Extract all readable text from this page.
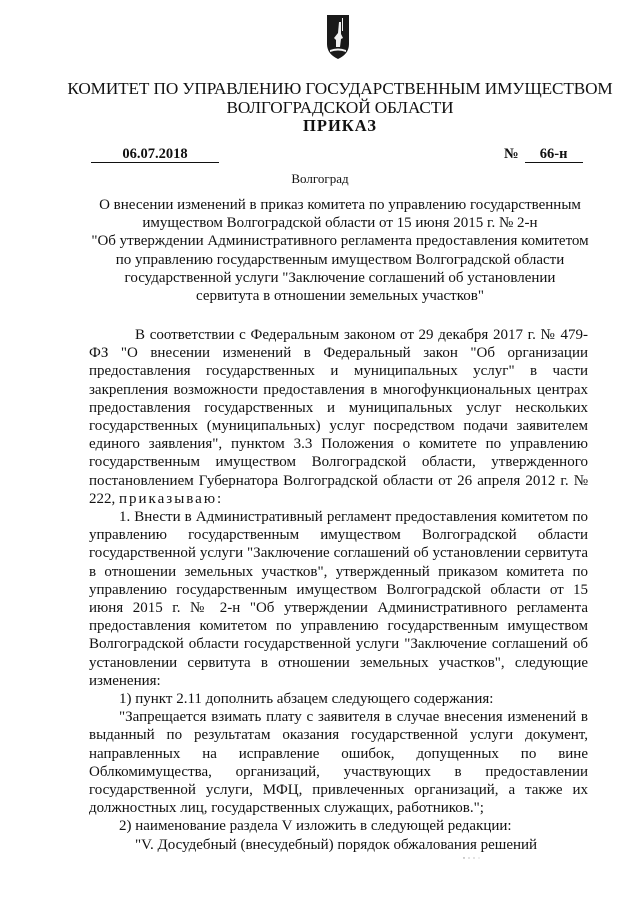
КОМИТЕТ ПО УПРАВЛЕНИЮ ГОСУДАРСТВЕННЫМ ИМУЩЕСТВОМ
ВОЛГОГРАДСКОЙ ОБЛАСТИ
ПРИКАЗ
06.07.2018	№ 66-н
Волгоград
О внесении изменений в приказ комитета по управлению государственным
имуществом Волгоградской области от 15 июня 2015 г. № 2-н
"Об утверждении Административного регламента предоставления комитетом
по управлению государственным имуществом Волгоградской области
государственной услуги "Заключение соглашений об установлении
сервитута в отношении земельных участков"

В соответствии с Федеральным законом от 29 декабря 2017 г. № 479-ФЗ "О внесении изменений в Федеральный закон "Об организации предоставления государственных и муниципальных услуг" в части закрепления возможности предоставления в многофункциональных центрах предоставления государственных и муниципальных услуг нескольких государственных (муниципальных) услуг посредством подачи заявителем единого заявления", пунктом 3.3 Положения о комитете по управлению государственным имуществом Волгоградской области, утвержденного постановлением Губернатора Волгоградской области от 26 апреля 2012 г. № 222, приказываю:

1. Внести в Административный регламент предоставления комитетом по управлению государственным имуществом Волгоградской области государственной услуги "Заключение соглашений об установлении сервитута в отношении земельных участков", утвержденный приказом комитета по управлению государственным имуществом Волгоградской области от 15 июня 2015 г. № 2-н "Об утверждении Административного регламента предоставления комитетом по управлению государственным имуществом Волгоградской области государственной услуги "Заключение соглашений об установлении сервитута в отношении земельных участков", следующие изменения:

1) пункт 2.11 дополнить абзацем следующего содержания:

"Запрещается взимать плату с заявителя в случае внесения изменений в выданный по результатам оказания государственной услуги документ, направленных на исправление ошибок, допущенных по вине Облкомимущества, организаций, участвующих в предоставлении государственной услуги, МФЦ, привлеченных организаций, а также их должностных лиц, государственных служащих, работников.";

2) наименование раздела V изложить в следующей редакции:

"V. Досудебный (внесудебный) порядок обжалования решений
